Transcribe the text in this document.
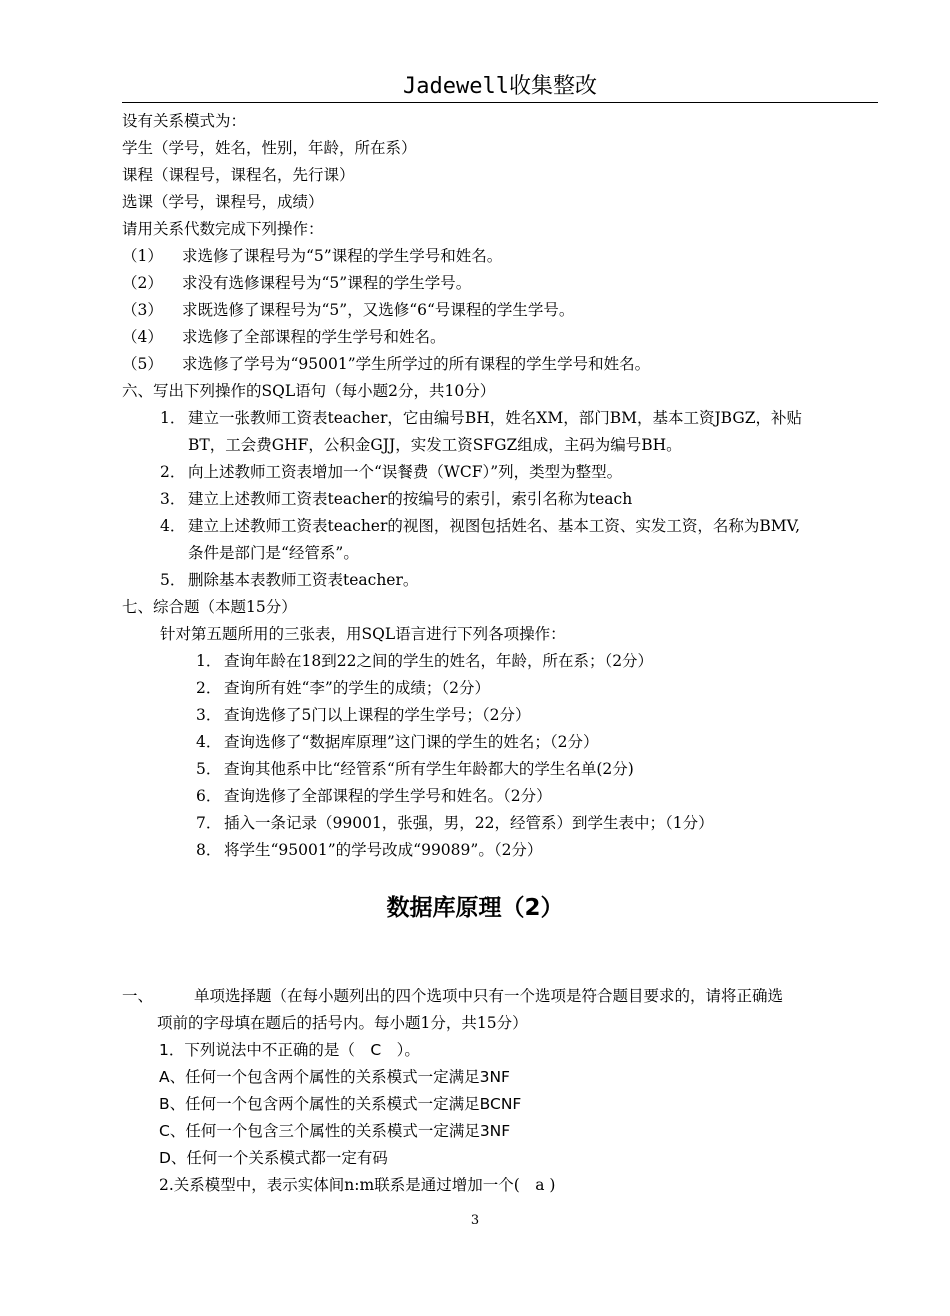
Jadewell收集整改
设有关系模式为：
学生（学号，姓名，性别，年龄，所在系）
课程（课程号，课程名，先行课）
选课（学号，课程号，成绩）
请用关系代数完成下列操作：
（1） 求选修了课程号为“5”课程的学生学号和姓名。
（2） 求没有选修课程号为“5”课程的学生学号。
（3） 求既选修了课程号为“5”，又选修“6“号课程的学生学号。
（4） 求选修了全部课程的学生学号和姓名。
（5） 求选修了学号为“95001”学生所学过的所有课程的学生学号和姓名。
六、写出下列操作的SQL语句（每小题2分，共10分）
1． 建立一张教师工资表teacher，它由编号BH，姓名XM，部门BM，基本工资JBGZ，补贴
BT，工会费GHF，公积金GJJ，实发工资SFGZ组成，主码为编号BH。
2． 向上述教师工资表增加一个“误餐费（WCF）”列，类型为整型。
3． 建立上述教师工资表teacher的按编号的索引，索引名称为teach
4． 建立上述教师工资表teacher的视图，视图包括姓名、基本工资、实发工资，名称为BMV,
条件是部门是“经管系”。
5． 删除基本表教师工资表teacher。
七、综合题（本题15分）
针对第五题所用的三张表，用SQL语言进行下列各项操作：
1． 查询年龄在18到22之间的学生的姓名，年龄，所在系；（2分）
2． 查询所有姓“李”的学生的成绩；（2分）
3． 查询选修了5门以上课程的学生学号；（2分）
4． 查询选修了“数据库原理”这门课的学生的姓名；（2分）
5． 查询其他系中比“经管系“所有学生年龄都大的学生名单(2分)
6． 查询选修了全部课程的学生学号和姓名。（2分）
7． 插入一条记录（99001，张强，男，22，经管系）到学生表中；（1分）
8． 将学生“95001”的学号改成“99089”。（2分）
数据库原理（2）
一、	单项选择题（在每小题列出的四个选项中只有一个选项是符合题目要求的，请将正确选
项前的字母填在题后的括号内。每小题1分，共15分）
1．下列说法中不正确的是（　C　）。
A、任何一个包含两个属性的关系模式一定满足3NF
B、任何一个包含两个属性的关系模式一定满足BCNF
C、任何一个包含三个属性的关系模式一定满足3NF
D、任何一个关系模式都一定有码
2.关系模型中，表示实体间n:m联系是通过增加一个(　a )
3
